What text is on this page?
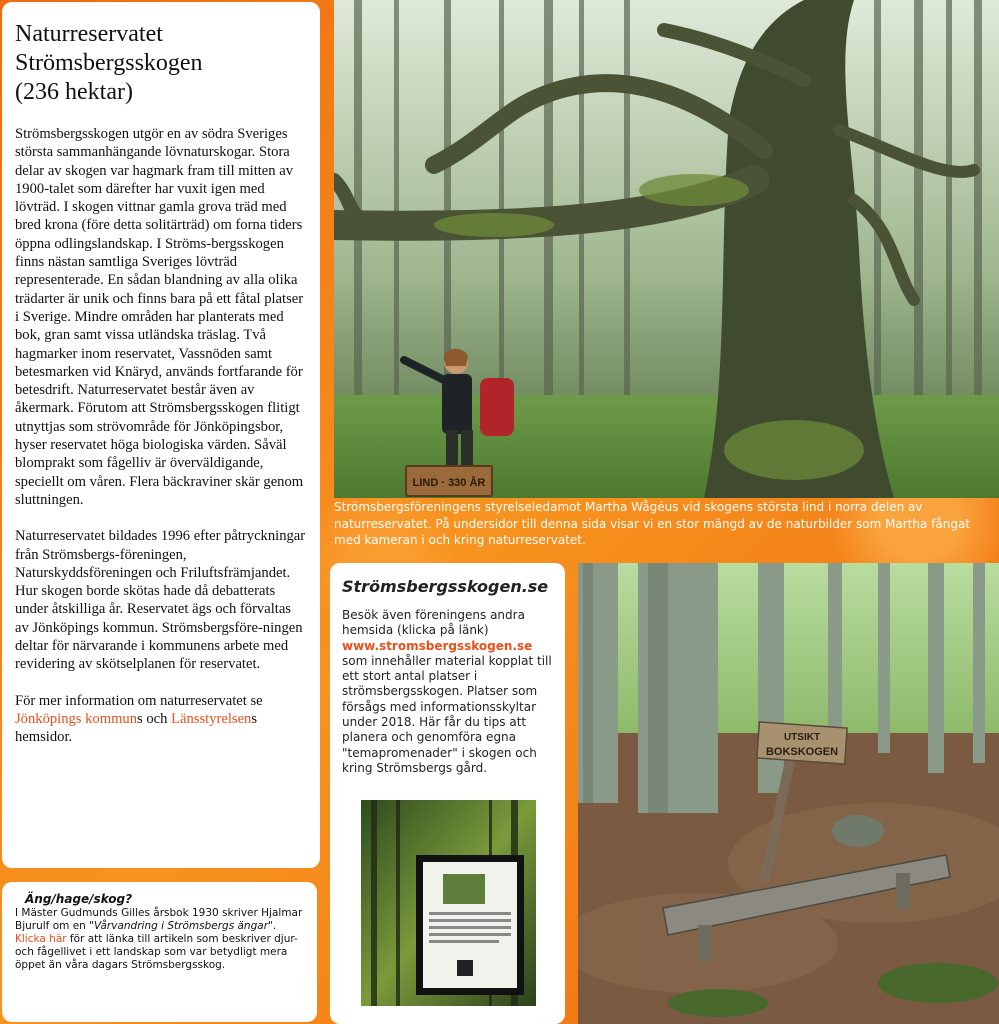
Naturreservatet
Strömsbergsskogen
(236 hektar)

Strömsbergsskogen utgör en av södra Sveriges största sammanhängande lövnaturskogar. Stora delar av skogen var hagmark fram till mitten av 1900-talet som därefter har vuxit igen med lövträd. I skogen vittnar gamla grova träd med bred krona (före detta solitärträd) om forna tiders öppna odlingslandskap. I Ströms-bergsskogen finns nästan samtliga Sveriges lövträd representerade. En sådan blandning av alla olika trädarter är unik och finns bara på ett fåtal platser i Sverige. Mindre områden har planterats med bok, gran samt vissa utländska träslag. Två hagmarker inom reservatet, Vassnöden samt betesmarken vid Knäryd, används fortfarande för betesdrift. Naturreservatet består även av åkermark. Förutom att Strömsbergsskogen flitigt utnyttjas som strövområde för Jönköpingsbor, hyser reservatet höga biologiska värden. Såväl blomprakt som fågelliv är överväldigande, speciellt om våren. Flera bäckraviner skär genom sluttningen.

Naturreservatet bildades 1996 efter påtryckningar från Strömsbergs-föreningen, Naturskyddsföreningen och Friluftsfrämjandet. Hur skogen borde skötas hade då debatterats under åtskilliga år. Reservatet ägs och förvaltas av Jönköpings kommun. Strömsbergsföre-ningen deltar för närvarande i kommunens arbete med revidering av skötselplanen för reservatet.

För mer information om naturreservatet se Jönköpings kommuns och Länsstyrelsens hemsidor.

Äng/hage/skog?

I Mäster Gudmunds Gilles årsbok 1930 skriver Hjalmar Bjurulf om en "Vårvandring i Strömsbergs ängar". Klicka här för att länka till artikeln som beskriver djur- och fågellivet i ett landskap som var betydligt mera öppet än våra dagars Strömsbergsskog.

LIND · 330 ÅR

Strömsbergsföreningens styrelseledamot Martha Wågéus vid skogens största lind i norra delen av naturreservatet. På undersidor till denna sida visar vi en stor mängd av de naturbilder som Martha fångat med kameran i och kring naturreservatet.

Strömsbergsskogen.se

Besök även föreningens andra hemsida (klicka på länk) www.stromsbergsskogen.se som innehåller material kopplat till ett stort antal platser i strömsbergsskogen. Platser som försågs med informationsskyltar under 2018. Här får du tips att planera och genomföra egna "temapromenader" i skogen och kring Strömsbergs gård.

UTSIKT
BOKSKOGEN
